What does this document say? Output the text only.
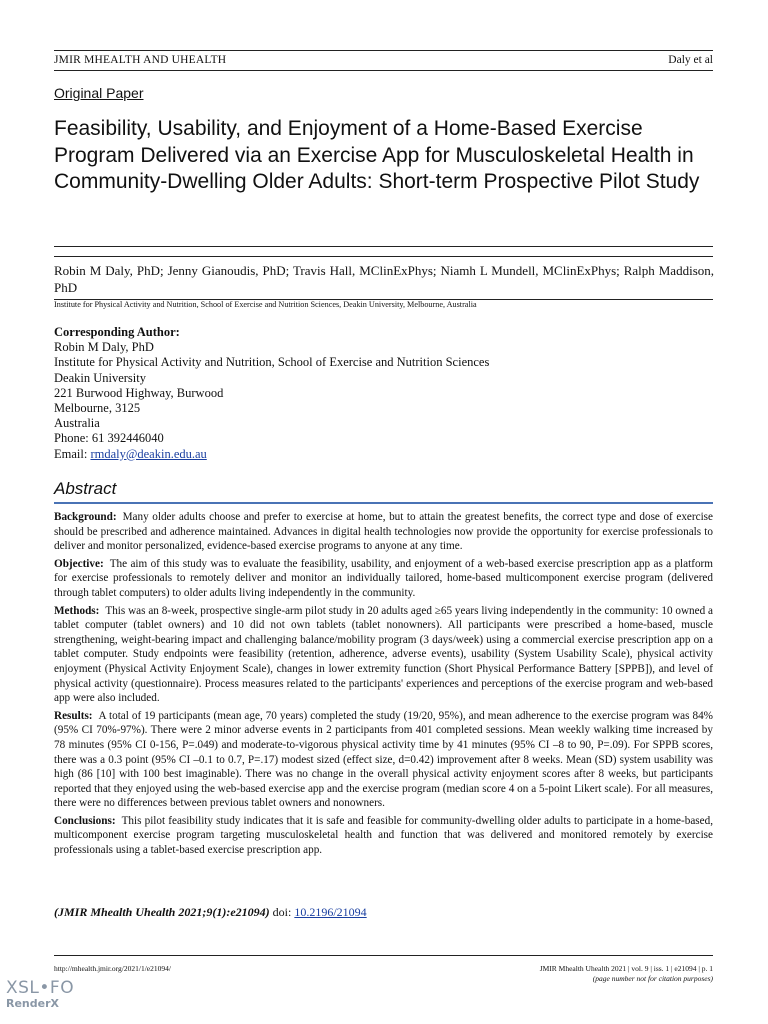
JMIR MHEALTH AND UHEALTH	Daly et al
Original Paper
Feasibility, Usability, and Enjoyment of a Home-Based Exercise Program Delivered via an Exercise App for Musculoskeletal Health in Community-Dwelling Older Adults: Short-term Prospective Pilot Study
Robin M Daly, PhD; Jenny Gianoudis, PhD; Travis Hall, MClinExPhys; Niamh L Mundell, MClinExPhys; Ralph Maddison, PhD
Institute for Physical Activity and Nutrition, School of Exercise and Nutrition Sciences, Deakin University, Melbourne, Australia
Corresponding Author:
Robin M Daly, PhD
Institute for Physical Activity and Nutrition, School of Exercise and Nutrition Sciences
Deakin University
221 Burwood Highway, Burwood
Melbourne, 3125
Australia
Phone: 61 392446040
Email: rmdaly@deakin.edu.au
Abstract

Background: Many older adults choose and prefer to exercise at home, but to attain the greatest benefits, the correct type and dose of exercise should be prescribed and adherence maintained. Advances in digital health technologies now provide the opportunity for exercise professionals to deliver and monitor personalized, evidence-based exercise programs to anyone at any time.

Objective: The aim of this study was to evaluate the feasibility, usability, and enjoyment of a web-based exercise prescription app as a platform for exercise professionals to remotely deliver and monitor an individually tailored, home-based multicomponent exercise program (delivered through tablet computers) to older adults living independently in the community.

Methods: This was an 8-week, prospective single-arm pilot study in 20 adults aged ≥65 years living independently in the community: 10 owned a tablet computer (tablet owners) and 10 did not own tablets (tablet nonowners). All participants were prescribed a home-based, muscle strengthening, weight-bearing impact and challenging balance/mobility program (3 days/week) using a commercial exercise prescription app on a tablet computer. Study endpoints were feasibility (retention, adherence, adverse events), usability (System Usability Scale), physical activity enjoyment (Physical Activity Enjoyment Scale), changes in lower extremity function (Short Physical Performance Battery [SPPB]), and level of physical activity (questionnaire). Process measures related to the participants' experiences and perceptions of the exercise program and web-based app were also included.

Results: A total of 19 participants (mean age, 70 years) completed the study (19/20, 95%), and mean adherence to the exercise program was 84% (95% CI 70%-97%). There were 2 minor adverse events in 2 participants from 401 completed sessions. Mean weekly walking time increased by 78 minutes (95% CI 0-156, P=.049) and moderate-to-vigorous physical activity time by 41 minutes (95% CI –8 to 90, P=.09). For SPPB scores, there was a 0.3 point (95% CI –0.1 to 0.7, P=.17) modest sized (effect size, d=0.42) improvement after 8 weeks. Mean (SD) system usability was high (86 [10] with 100 best imaginable). There was no change in the overall physical activity enjoyment scores after 8 weeks, but participants reported that they enjoyed using the web-based exercise app and the exercise program (median score 4 on a 5-point Likert scale). For all measures, there were no differences between previous tablet owners and nonowners.

Conclusions: This pilot feasibility study indicates that it is safe and feasible for community-dwelling older adults to participate in a home-based, multicomponent exercise program targeting musculoskeletal health and function that was delivered and monitored remotely by exercise professionals using a tablet-based exercise prescription app.

(JMIR Mhealth Uhealth 2021;9(1):e21094) doi: 10.2196/21094
http://mhealth.jmir.org/2021/1/e21094/	JMIR Mhealth Uhealth 2021 | vol. 9 | iss. 1 | e21094 | p. 1
(page number not for citation purposes)
XSL•FO
RenderX
